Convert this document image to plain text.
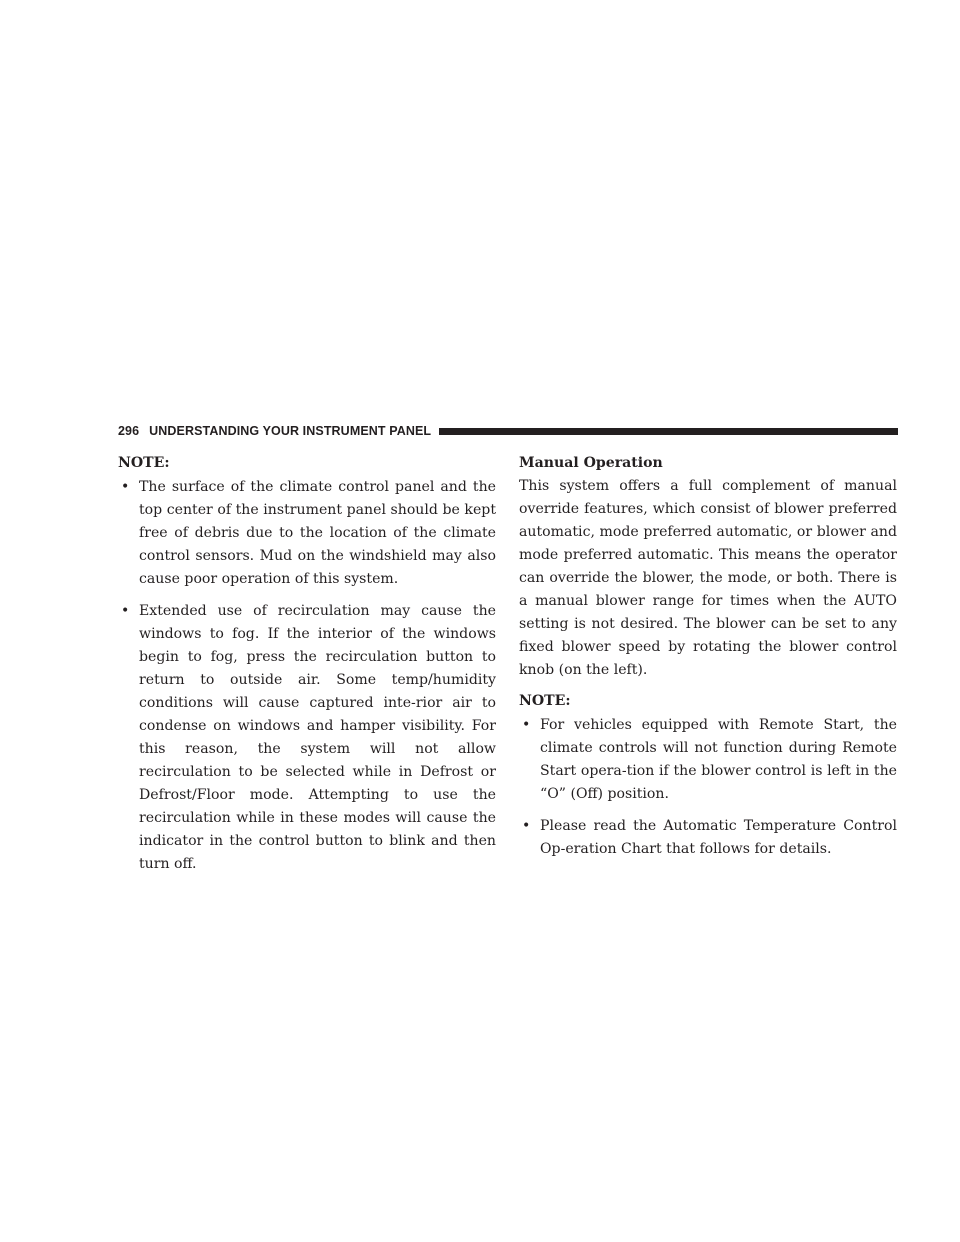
296 UNDERSTANDING YOUR INSTRUMENT PANEL

NOTE:

• The surface of the climate control panel and the top center of the instrument panel should be kept free of debris due to the location of the climate control sensors. Mud on the windshield may also cause poor operation of this system.
• Extended use of recirculation may cause the windows to fog. If the interior of the windows begin to fog, press the recirculation button to return to outside air. Some temp/humidity conditions will cause captured inte-rior air to condense on windows and hamper visibility. For this reason, the system will not allow recirculation to be selected while in Defrost or Defrost/Floor mode. Attempting to use the recirculation while in these modes will cause the indicator in the control button to blink and then turn off.

Manual Operation

This system offers a full complement of manual override features, which consist of blower preferred automatic, mode preferred automatic, or blower and mode preferred automatic. This means the operator can override the blower, the mode, or both. There is a manual blower range for times when the AUTO setting is not desired. The blower can be set to any fixed blower speed by rotating the blower control knob (on the left).

NOTE:

• For vehicles equipped with Remote Start, the climate controls will not function during Remote Start opera-tion if the blower control is left in the “O” (Off) position.
• Please read the Automatic Temperature Control Op-eration Chart that follows for details.
